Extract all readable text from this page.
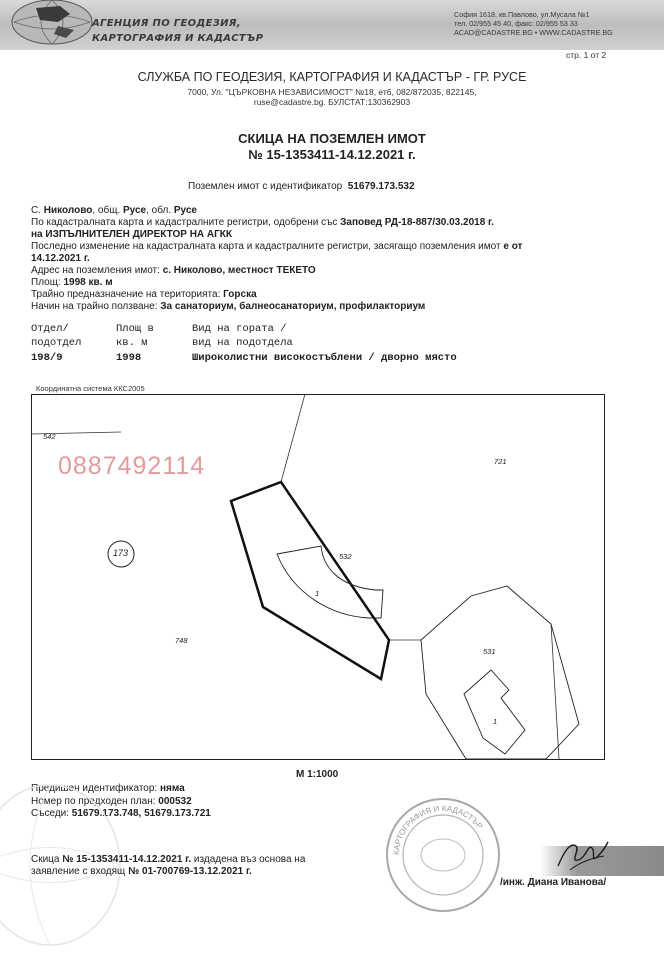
АГЕНЦИЯ ПО ГЕОДЕЗИЯ,
КАРТОГРАФИЯ И КАДАСТЪР
София 1618, кв.Павлово, ул.Мусала №1
тел. 02/955 45 40, факс: 02/955 53 33
ACAD@CADASTRE.BG • WWW.CADASTRE.BG
стр. 1 от 2
СЛУЖБА ПО ГЕОДЕЗИЯ, КАРТОГРАФИЯ И КАДАСТЪР - ГР. РУСЕ
7000, Ул. "ЦЪРКОВНА НЕЗАВИСИМОСТ" №18, ет6, 082/872035, 822145,
ruse@cadastre.bg. БУЛСТАТ:130362903
СКИЦА НА ПОЗЕМЛЕН ИМОТ
№ 15-1353411-14.12.2021 г.
Поземлен имот с идентификатор 51679.173.532
С. Николово, общ. Русе, обл. Русе
По кадастралната карта и кадастралните регистри, одобрени със Заповед РД-18-887/30.03.2018 г.
на ИЗПЪЛНИТЕЛЕН ДИРЕКТОР НА АГКК
Последно изменение на кадастралната карта и кадастралните регистри, засягащо поземления имот е от
14.12.2021 г.
Адрес на поземления имот: с. Николово, местност ТЕКЕТО
Площ: 1998 кв. м
Трайно предназначение на територията: Горска
Начин на трайно ползване: За санаториум, балнеосанаториум, профилакториум
Отдел/	Площ в	Вид на гората /
подотдел	кв. м	вид на подотдела
198/9	1998	Широколистни високостъблени / дворно място
Координатна система ККС2005
0887492114
542
721
173	532
1
748
531
1
М 1:1000
Предишен идентификатор: няма
Номер по предходен план: 000532
Съседи: 51679.173.748, 51679.173.721
КАРТОГРАФИЯ И КАДАСТЪР
Скица № 15-1353411-14.12.2021 г. издадена въз основа на
заявление с входящ № 01-700769-13.12.2021 г.
/инж. Диана Иванова/
